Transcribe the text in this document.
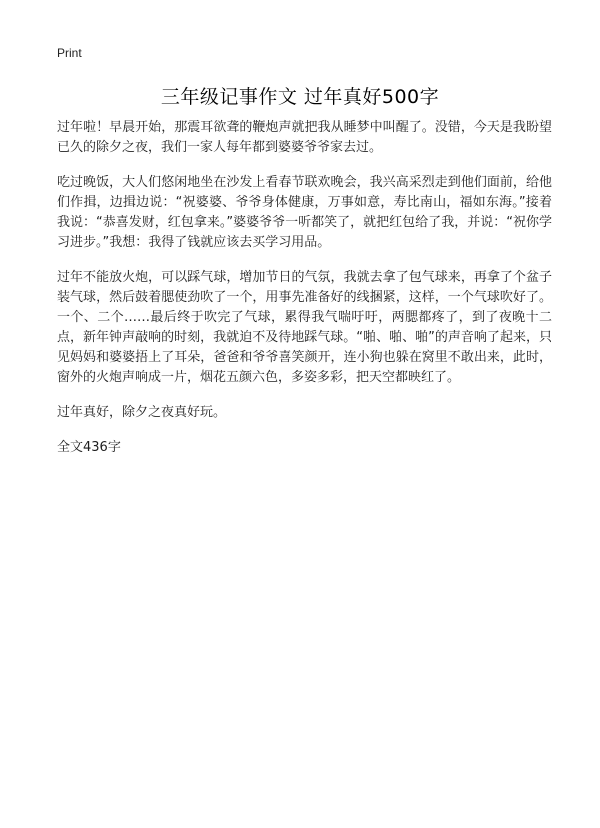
Print
三年级记事作文 过年真好500字

过年啦！早晨开始，那震耳欲聋的鞭炮声就把我从睡梦中叫醒了。没错，今天是我盼望已久的除夕之夜，我们一家人每年都到婆婆爷爷家去过。

吃过晚饭，大人们悠闲地坐在沙发上看春节联欢晚会，我兴高采烈走到他们面前，给他们作揖，边揖边说：“祝婆婆、爷爷身体健康，万事如意，寿比南山，福如东海。”接着我说：“恭喜发财，红包拿来。”婆婆爷爷一听都笑了，就把红包给了我，并说：“祝你学习进步。”我想：我得了钱就应该去买学习用品。

过年不能放火炮，可以踩气球，增加节日的气氛，我就去拿了包气球来，再拿了个盆子装气球，然后鼓着腮使劲吹了一个，用事先准备好的线捆紧，这样，一个气球吹好了。一个、二个……最后终于吹完了气球，累得我气喘吁吁，两腮都疼了，到了夜晚十二点，新年钟声敲响的时刻，我就迫不及待地踩气球。“啪、啪、啪”的声音响了起来，只见妈妈和婆婆捂上了耳朵，爸爸和爷爷喜笑颜开，连小狗也躲在窝里不敢出来，此时，窗外的火炮声响成一片，烟花五颜六色，多姿多彩，把天空都映红了。

过年真好，除夕之夜真好玩。

全文436字
